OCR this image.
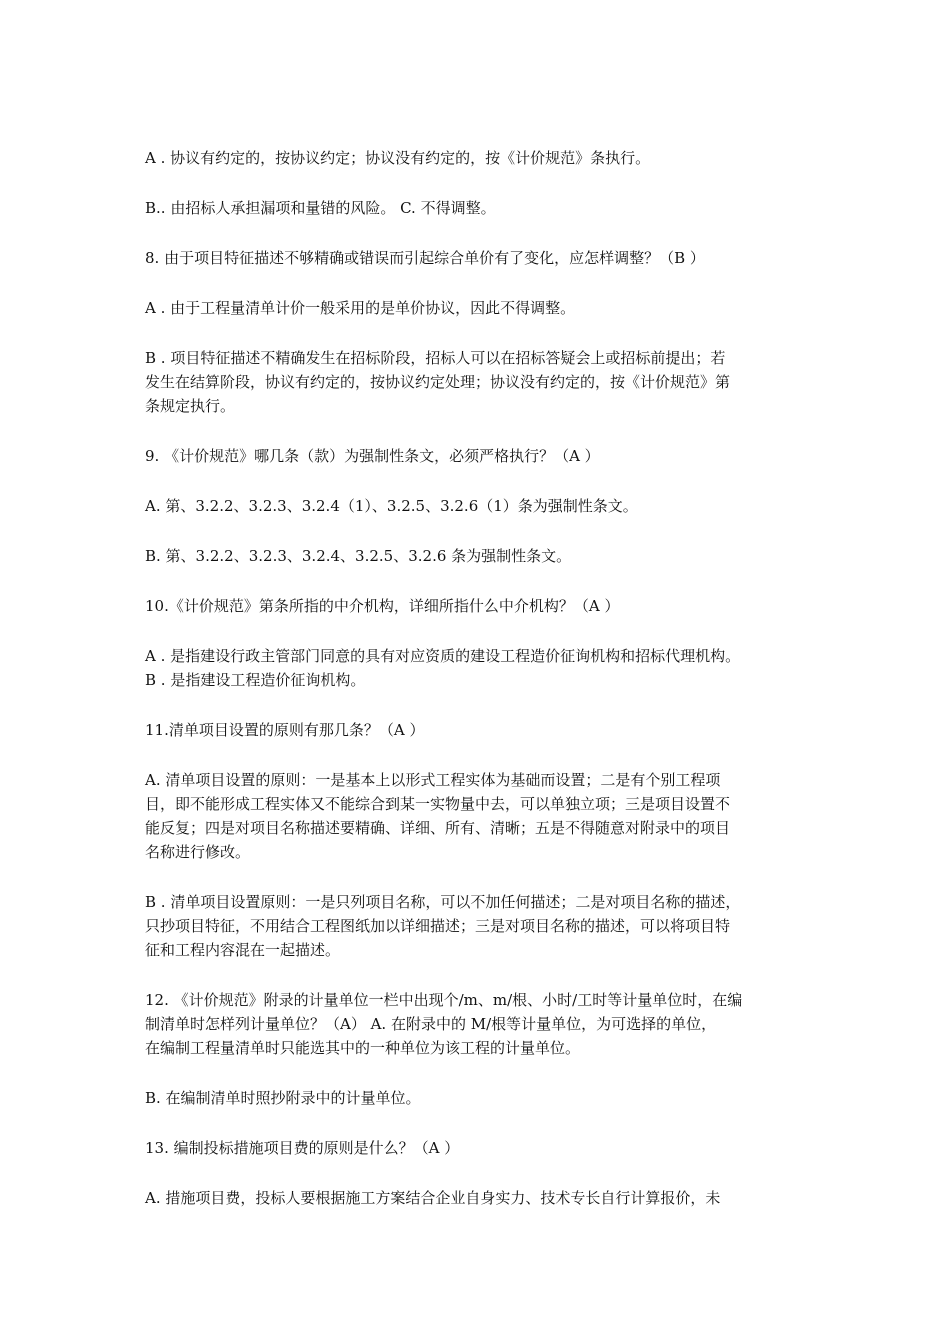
A . 协议有约定的，按协议约定；协议没有约定的，按《计价规范》条执行。

B.. 由招标人承担漏项和量错的风险。 C. 不得调整。

8. 由于项目特征描述不够精确或错误而引起综合单价有了变化，应怎样调整？（B ）

A . 由于工程量清单计价一般采用的是单价协议，因此不得调整。

B . 项目特征描述不精确发生在招标阶段，招标人可以在招标答疑会上或招标前提出；若
发生在结算阶段，协议有约定的，按协议约定处理；协议没有约定的，按《计价规范》第
条规定执行。

9. 《计价规范》哪几条（款）为强制性条文，必须严格执行？（A ）

A. 第、3.2.2、3.2.3、3.2.4（1）、3.2.5、3.2.6（1）条为强制性条文。

B. 第、3.2.2、3.2.3、3.2.4、3.2.5、3.2.6 条为强制性条文。

10.《计价规范》第条所指的中介机构，详细所指什么中介机构？（A ）

A . 是指建设行政主管部门同意的具有对应资质的建设工程造价征询机构和招标代理机构。
B . 是指建设工程造价征询机构。

11.清单项目设置的原则有那几条？（A ）

A. 清单项目设置的原则：一是基本上以形式工程实体为基础而设置；二是有个别工程项
目，即不能形成工程实体又不能综合到某一实物量中去，可以单独立项；三是项目设置不
能反复；四是对项目名称描述要精确、详细、所有、清晰；五是不得随意对附录中的项目
名称进行修改。

B . 清单项目设置原则：一是只列项目名称，可以不加任何描述；二是对项目名称的描述，
只抄项目特征，不用结合工程图纸加以详细描述；三是对项目名称的描述，可以将项目特
征和工程内容混在一起描述。

12. 《计价规范》附录的计量单位一栏中出现个/m、m/根、小时/工时等计量单位时，在编
制清单时怎样列计量单位？（A） A. 在附录中的 M/根等计量单位，为可选择的单位，
在编制工程量清单时只能选其中的一种单位为该工程的计量单位。

B. 在编制清单时照抄附录中的计量单位。

13. 编制投标措施项目费的原则是什么？（A ）

A. 措施项目费，投标人要根据施工方案结合企业自身实力、技术专长自行计算报价，未
